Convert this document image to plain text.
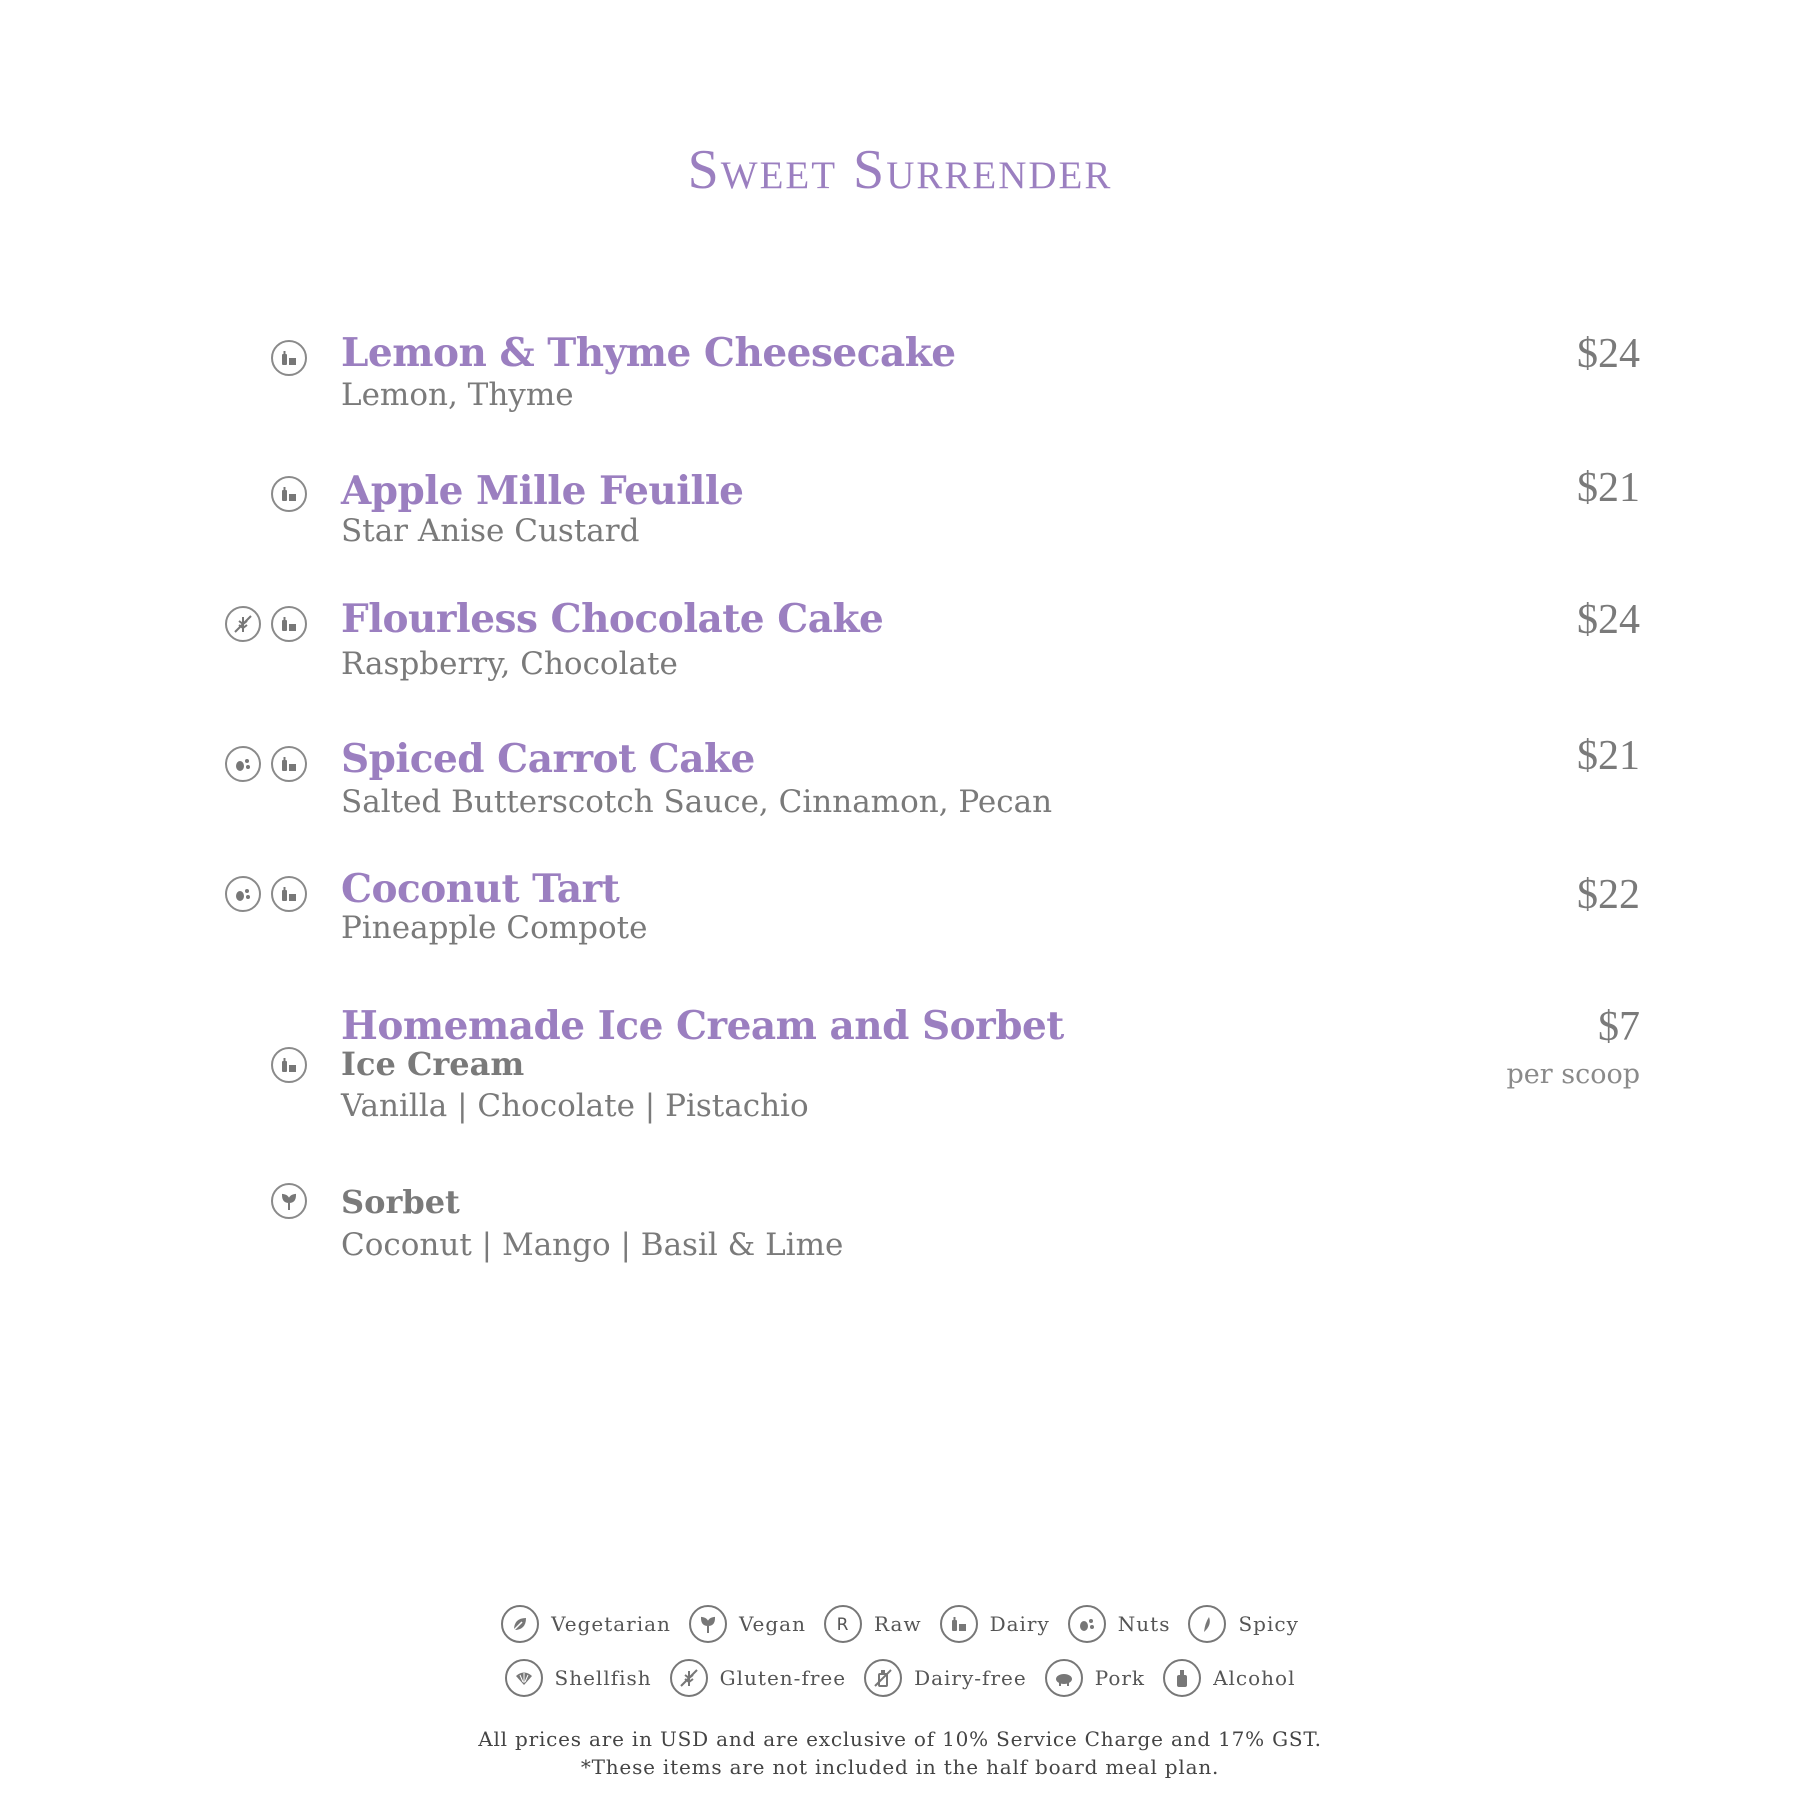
Sweet Surrender
Lemon & Thyme Cheesecake
Lemon, Thyme
$24
Apple Mille Feuille
Star Anise Custard
$21
Flourless Chocolate Cake
Raspberry, Chocolate
$24
Spiced Carrot Cake
Salted Butterscotch Sauce, Cinnamon, Pecan
$21
Coconut Tart
Pineapple Compote
$22
Homemade Ice Cream and Sorbet	$7
per scoop
Ice Cream
Vanilla | Chocolate | Pistachio
Sorbet
Coconut | Mango | Basil & Lime
Vegetarian	Vegan R Raw	Dairy	Nuts	Spicy
Shellfish	Gluten-free	Dairy-free	Pork	Alcohol
All prices are in USD and are exclusive of 10% Service Charge and 17% GST.
*These items are not included in the half board meal plan.
